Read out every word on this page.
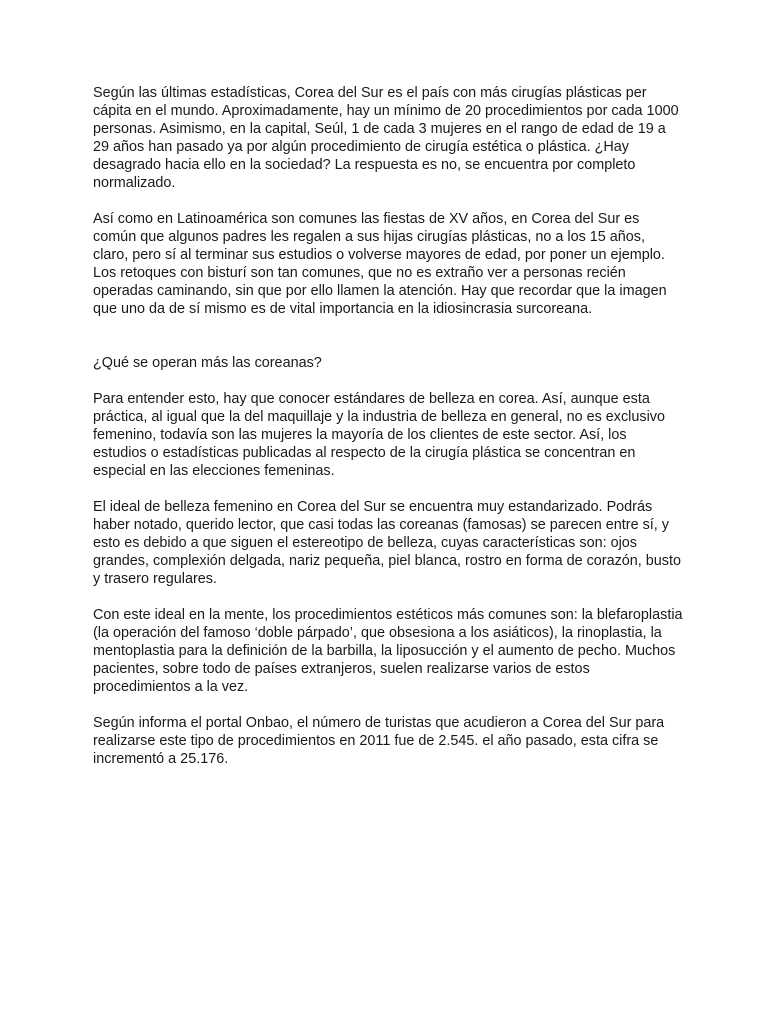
Según las últimas estadísticas, Corea del Sur es el país con más cirugías plásticas per cápita en el mundo. Aproximadamente, hay un mínimo de 20 procedimientos por cada 1000 personas. Asimismo, en la capital, Seúl, 1 de cada 3 mujeres en el rango de edad de 19 a 29 años han pasado ya por algún procedimiento de cirugía estética o plástica. ¿Hay desagrado hacia ello en la sociedad? La respuesta es no, se encuentra por completo normalizado.

Así como en Latinoamérica son comunes las fiestas de XV años, en Corea del Sur es común que algunos padres les regalen a sus hijas cirugías plásticas, no a los 15 años, claro, pero sí al terminar sus estudios o volverse mayores de edad, por poner un ejemplo. Los retoques con bisturí son tan comunes, que no es extraño ver a personas recién operadas caminando, sin que por ello llamen la atención. Hay que recordar que la imagen que uno da de sí mismo es de vital importancia en la idiosincrasia surcoreana.

¿Qué se operan más las coreanas?

Para entender esto, hay que conocer estándares de belleza en corea. Así, aunque esta práctica, al igual que la del maquillaje y la industria de belleza en general, no es exclusivo femenino, todavía son las mujeres la mayoría de los clientes de este sector. Así, los estudios o estadísticas publicadas al respecto de la cirugía plástica se concentran en especial en las elecciones femeninas.

El ideal de belleza femenino en Corea del Sur se encuentra muy estandarizado. Podrás haber notado, querido lector, que casi todas las coreanas (famosas) se parecen entre sí, y esto es debido a que siguen el estereotipo de belleza, cuyas características son: ojos grandes, complexión delgada, nariz pequeña, piel blanca, rostro en forma de corazón, busto y trasero regulares.

Con este ideal en la mente, los procedimientos estéticos más comunes son: la blefaroplastia (la operación del famoso ‘doble párpado’, que obsesiona a los asiáticos), la rinoplastia, la mentoplastia para la definición de la barbilla, la liposucción y el aumento de pecho. Muchos pacientes, sobre todo de países extranjeros, suelen realizarse varios de estos procedimientos a la vez.

Según informa el portal Onbao, el número de turistas que acudieron a Corea del Sur para realizarse este tipo de procedimientos en 2011 fue de 2.545. el año pasado, esta cifra se incrementó a 25.176.
